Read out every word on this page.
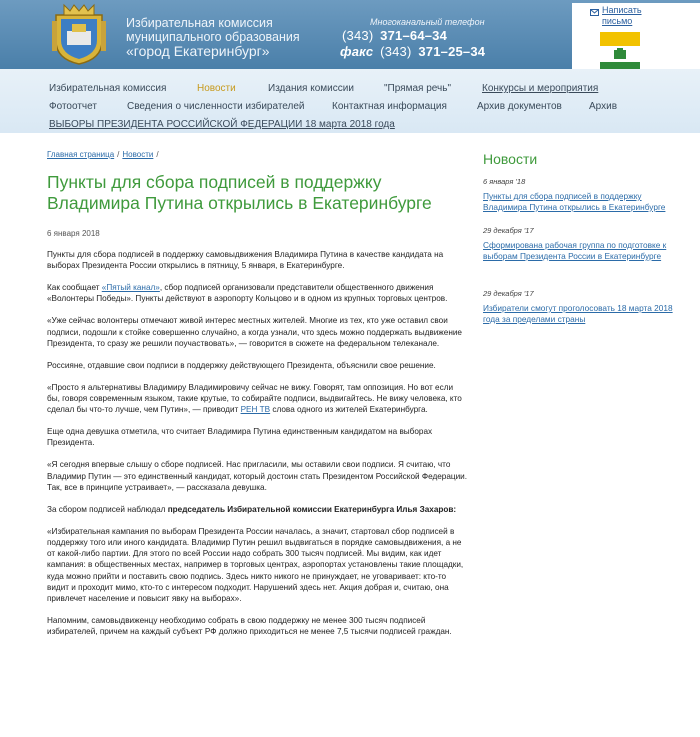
Избирательная комиссия
муниципального образования
«город Екатеринбург»
Многоканальный телефон
(343) 371–64–34
факс (343) 371–25–34
Написать письмо
Избирательная комиссия	Новости	Издания комиссии	"Прямая речь"	Конкурсы и мероприятия
Фотоотчет	Сведения о численности избирателей	Контактная информация	Архив документов	Архив
ВЫБОРЫ ПРЕЗИДЕНТА РОССИЙСКОЙ ФЕДЕРАЦИИ 18 марта 2018 года
Главная страница / Новости /
Пункты для сбора подписей в поддержку Владимира Путина открылись в Екатеринбурге
6 января 2018

Пункты для сбора подписей в поддержку самовыдвижения Владимира Путина в качестве кандидата на выборах Президента России открылись в пятницу, 5 января, в Екатеринбурге.

Как сообщает «Пятый канал», сбор подписей организовали представители общественного движения «Волонтеры Победы». Пункты действуют в аэропорту Кольцово и в одном из крупных торговых центров.

«Уже сейчас волонтеры отмечают живой интерес местных жителей. Многие из тех, кто уже оставил свои подписи, подошли к стойке совершенно случайно, а когда узнали, что здесь можно поддержать выдвижение Президента, то сразу же решили поучаствовать», — говорится в сюжете на федеральном телеканале.

Россияне, отдавшие свои подписи в поддержку действующего Президента, объяснили свое решение.

«Просто я альтернативы Владимиру Владимировичу сейчас не вижу. Говорят, там оппозиция. Но вот если бы, говоря современным языком, такие крутые, то собирайте подписи, выдвигайтесь. Не вижу человека, кто сделал бы что-то лучше, чем Путин», — приводит РЕН ТВ слова одного из жителей Екатеринбурга.

Еще одна девушка отметила, что считает Владимира Путина единственным кандидатом на выборах Президента.

«Я сегодня впервые слышу о сборе подписей. Нас пригласили, мы оставили свои подписи. Я считаю, что Владимир Путин — это единственный кандидат, который достоин стать Президентом Российской Федерации. Так, все в принципе устраивает», — рассказала девушка.

За сбором подписей наблюдал председатель Избирательной комиссии Екатеринбурга Илья Захаров:

«Избирательная кампания по выборам Президента России началась, а значит, стартовал сбор подписей в поддержку того или иного кандидата. Владимир Путин решил выдвигаться в порядке самовыдвижения, а не от какой-либо партии. Для этого по всей России надо собрать 300 тысяч подписей. Мы видим, как идет кампания: в общественных местах, например в торговых центрах, аэропортах установлены такие площадки, куда можно прийти и поставить свою подпись. Здесь никто никого не принуждает, не уговаривает: кто-то видит и проходит мимо, кто-то с интересом подходит. Нарушений здесь нет. Акция добрая и, считаю, она привлечет население и повысит явку на выборах».

Напомним, самовыдвиженцу необходимо собрать в свою поддержку не менее 300 тысяч подписей избирателей, причем на каждый субъект РФ должно приходиться не менее 7,5 тысячи подписей граждан.

Новости
6 января '18
Пункты для сбора подписей в поддержку Владимира Путина открылись в Екатеринбурге
29 декабря '17
Сформирована рабочая группа по подготовке к выборам Президента России в Екатеринбурге
29 декабря '17
Избиратели смогут проголосовать 18 марта 2018 года за пределами страны
